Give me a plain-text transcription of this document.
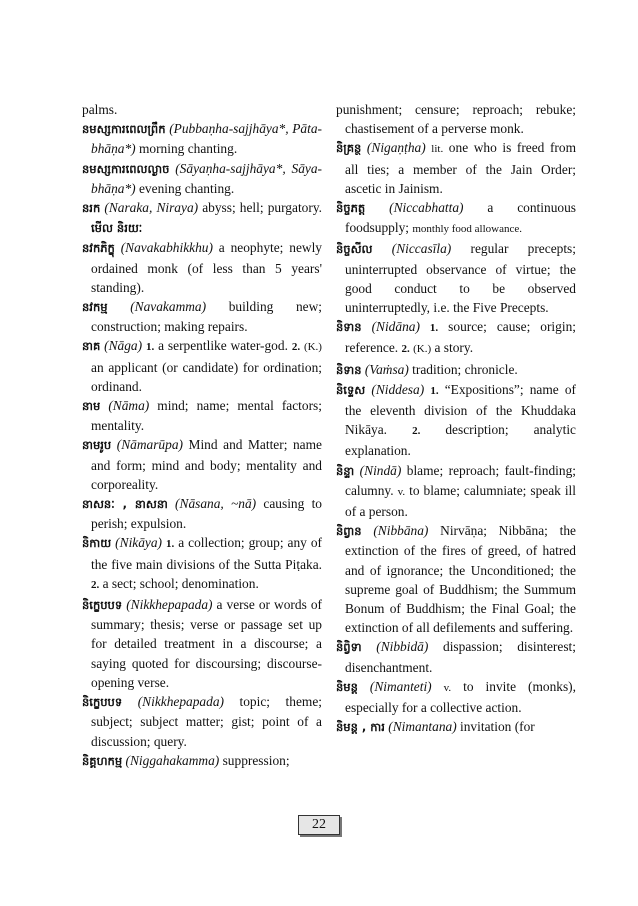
palms.

នមស្សការពេលព្រឹក (Pubbaṇha-sajjhāya*, Pāta-bhāṇa*) morning chanting.

នមស្សការពេលល្ងាច (Sāyaṇha-sajjhāya*, Sāya-bhāṇa*) evening chanting.

នរក (Naraka, Niraya) abyss; hell; purgatory. មើល និរយៈ

នវកភិក្ខុ (Navakabhikkhu) a neophyte; newly ordained monk (of less than 5 years' standing).

នវកម្ម (Navakamma) building new; construction; making repairs.

នាគ (Nāga) 1. a serpentlike water-god. 2. (K.) an applicant (or candidate) for ordination; ordinand.

នាម (Nāma) mind; name; mental factors; mentality.

នាមរូប (Nāmarūpa) Mind and Matter; name and form; mind and body; mentality and corporeality.

នាសនៈ , នាសនា (Nāsana, ~nā) causing to perish; expulsion.

និកាយ (Nikāya) 1. a collection; group; any of the five main divisions of the Sutta Piṭaka. 2. a sect; school; denomination.

និក្ខេបបទ (Nikkhepapada) a verse or words of summary; thesis; verse or passage set up for detailed treatment in a discourse; a saying quoted for discoursing; discourse-opening verse.

និក្ខេបបទ (Nikkhepapada) topic; theme; subject; subject matter; gist; point of a discussion; query.

និគ្គហកម្ម (Niggahakamma) suppression;

punishment; censure; reproach; rebuke; chastisement of a perverse monk.

និគ្រន្ថ (Nigaṇṭha) lit. one who is freed from all ties; a member of the Jain Order; ascetic in Jainism.

និច្ចភត្ត (Niccabhatta) a continuous foodsupply; monthly food allowance.

និច្ចសីល (Niccasīla) regular precepts; uninterrupted observance of virtue; the good conduct to be observed uninterruptedly, i.e. the Five Precepts.

និទាន (Nidāna) 1. source; cause; origin; reference. 2. (K.) a story.

និទាន (Vaṁsa) tradition; chronicle.

និទ្ទេស (Niddesa) 1. “Expositions”; name of the eleventh division of the Khuddaka Nikāya. 2. description; analytic explanation.

និន្ទា (Nindā) blame; reproach; fault-finding; calumny. v. to blame; calumniate; speak ill of a person.

និព្វាន (Nibbāna) Nirvāṇa; Nibbāna; the extinction of the fires of greed, of hatred and of ignorance; the Unconditioned; the supreme goal of Buddhism; the Summum Bonum of Buddhism; the Final Goal; the extinction of all defilements and suffering.

និព្វិទា (Nibbidā) dispassion; disinterest; disenchantment.

និមន្ត (Nimanteti) v. to invite (monks), especially for a collective action.

និមន្ត , ការ (Nimantana) invitation (for

22
